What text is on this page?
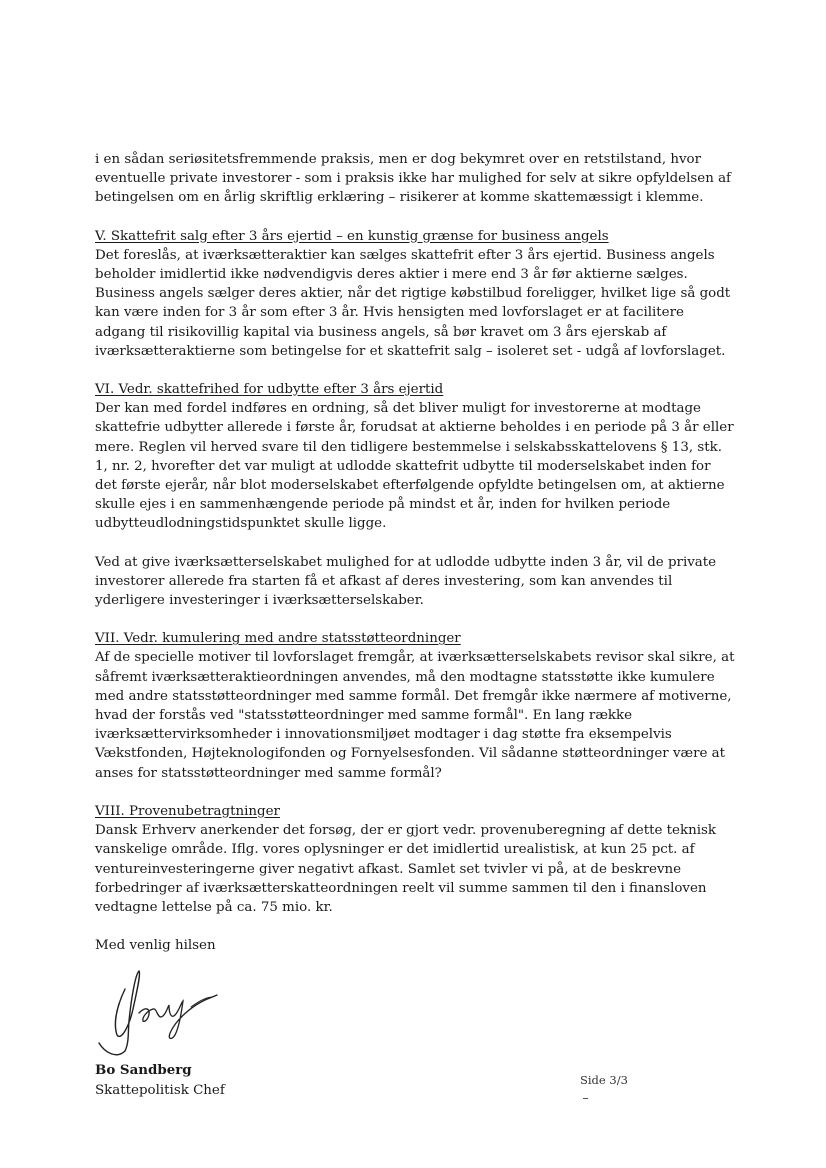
i en sådan seriøsitetsfremmende praksis, men er dog bekymret over en retstilstand, hvor eventuelle private investorer - som i praksis ikke har mulighed for selv at sikre opfyldelsen af betingelsen om en årlig skriftlig erklæring – risikerer at komme skattemæssigt i klemme.

V. Skattefrit salg efter 3 års ejertid – en kunstig grænse for business angels

Det foreslås, at iværksætteraktier kan sælges skattefrit efter 3 års ejertid. Business angels beholder imidlertid ikke nødvendigvis deres aktier i mere end 3 år før aktierne sælges. Business angels sælger deres aktier, når det rigtige købstilbud foreligger, hvilket lige så godt kan være inden for 3 år som efter 3 år. Hvis hensigten med lovforslaget er at facilitere adgang til risikovillig kapital via business angels, så bør kravet om 3 års ejerskab af iværksætteraktierne som betingelse for et skattefrit salg – isoleret set - udgå af lovforslaget.

VI. Vedr. skattefrihed for udbytte efter 3 års ejertid

Der kan med fordel indføres en ordning, så det bliver muligt for investorerne at modtage skattefrie udbytter allerede i første år, forudsat at aktierne beholdes i en periode på 3 år eller mere. Reglen vil herved svare til den tidligere bestemmelse i selskabsskattelovens § 13, stk. 1, nr. 2, hvorefter det var muligt at udlodde skattefrit udbytte til moderselskabet inden for det første ejerår, når blot moderselskabet efterfølgende opfyldte betingelsen om, at aktierne skulle ejes i en sammenhængende periode på mindst et år, inden for hvilken periode udbytteudlodningstidspunktet skulle ligge.

Ved at give iværksætterselskabet mulighed for at udlodde udbytte inden 3 år, vil de private investorer allerede fra starten få et afkast af deres investering, som kan anvendes til yderligere investeringer i iværksætterselskaber.

VII. Vedr. kumulering med andre statsstøtteordninger

Af de specielle motiver til lovforslaget fremgår, at iværksætterselskabets revisor skal sikre, at såfremt iværksætteraktieordningen anvendes, må den modtagne statsstøtte ikke kumulere med andre statsstøtteordninger med samme formål. Det fremgår ikke nærmere af motiverne, hvad der forstås ved "statsstøtteordninger med samme formål". En lang række iværksættervirksomheder i innovationsmiljøet modtager i dag støtte fra eksempelvis Vækstfonden, Højteknologifonden og Fornyelsesfonden. Vil sådanne støtteordninger være at anses for statsstøtteordninger med samme formål?

VIII. Provenubetragtninger

Dansk Erhverv anerkender det forsøg, der er gjort vedr. provenuberegning af dette teknisk vanskelige område. Iflg. vores oplysninger er det imidlertid urealistisk, at kun 25 pct. af ventureinvesteringerne giver negativt afkast. Samlet set tvivler vi på, at de beskrevne forbedringer af iværksætterskatteordningen reelt vil summe sammen til den i finansloven vedtagne lettelse på ca. 75 mio. kr.

Med venlig hilsen

Bo Sandberg

Skattepolitisk Chef

Side 3/3
